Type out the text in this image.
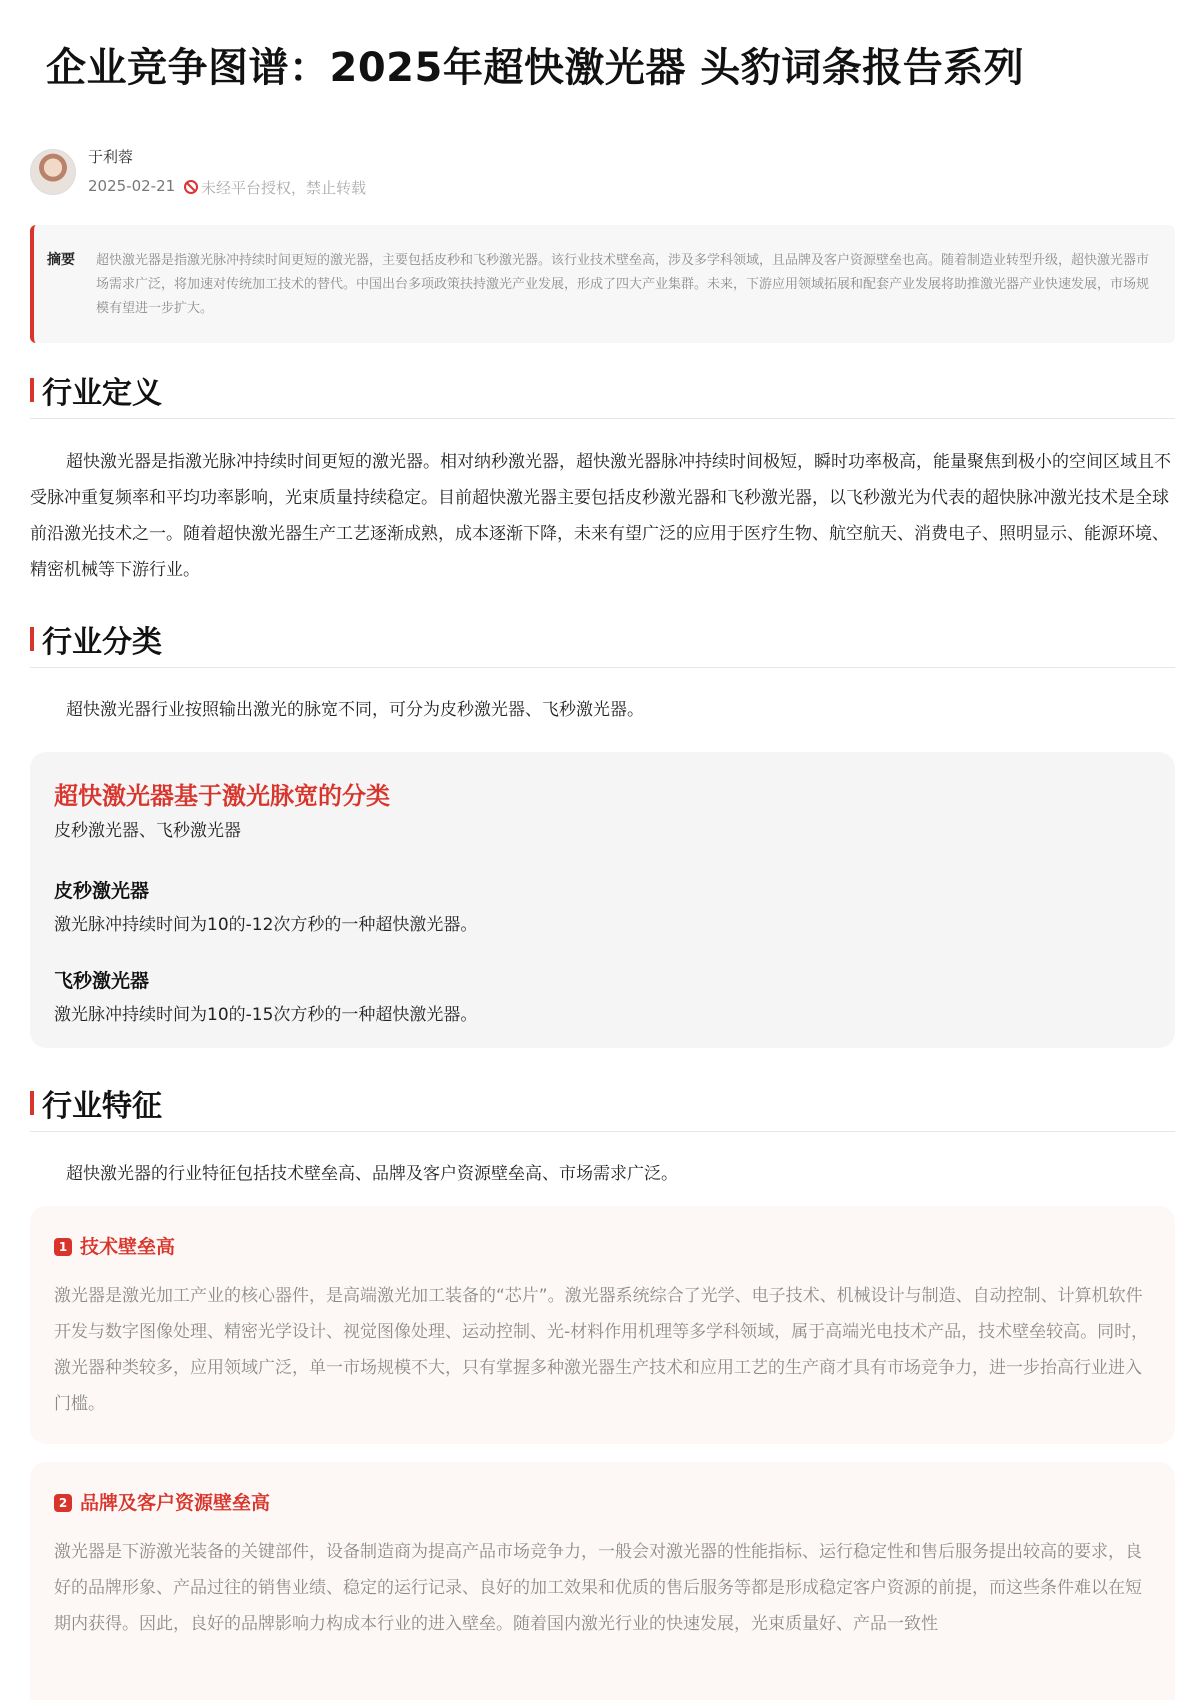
企业竞争图谱：2025年超快激光器 头豹词条报告系列
于利蓉
2025-02-21	未经平台授权，禁止转载
摘要 超快激光器是指激光脉冲持续时间更短的激光器，主要包括皮秒和飞秒激光器。该行业技术壁垒高，涉及多学科领域，且品牌及客户资源壁垒也高。随着制造业转型升级，超快激光器市场需求广泛，将加速对传统加工技术的替代。中国出台多项政策扶持激光产业发展，形成了四大产业集群。未来，下游应用领域拓展和配套产业发展将助推激光器产业快速发展，市场规模有望进一步扩大。

行业定义

超快激光器是指激光脉冲持续时间更短的激光器。相对纳秒激光器，超快激光器脉冲持续时间极短，瞬时功率极高，能量聚焦到极小的空间区域且不受脉冲重复频率和平均功率影响，光束质量持续稳定。目前超快激光器主要包括皮秒激光器和飞秒激光器，以飞秒激光为代表的超快脉冲激光技术是全球前沿激光技术之一。随着超快激光器生产工艺逐渐成熟，成本逐渐下降，未来有望广泛的应用于医疗生物、航空航天、消费电子、照明显示、能源环境、精密机械等下游行业。

行业分类

超快激光器行业按照输出激光的脉宽不同，可分为皮秒激光器、飞秒激光器。

超快激光器基于激光脉宽的分类
皮秒激光器、飞秒激光器
皮秒激光器
激光脉冲持续时间为10的-12次方秒的一种超快激光器。
飞秒激光器
激光脉冲持续时间为10的-15次方秒的一种超快激光器。
行业特征

超快激光器的行业特征包括技术壁垒高、品牌及客户资源壁垒高、市场需求广泛。

1 技术壁垒高

激光器是激光加工产业的核心器件，是高端激光加工装备的“芯片”。激光器系统综合了光学、电子技术、机械设计与制造、自动控制、计算机软件开发与数字图像处理、精密光学设计、视觉图像处理、运动控制、光-材料作用机理等多学科领域，属于高端光电技术产品，技术壁垒较高。同时，激光器种类较多，应用领域广泛，单一市场规模不大，只有掌握多种激光器生产技术和应用工艺的生产商才具有市场竞争力，进一步抬高行业进入门槛。

2 品牌及客户资源壁垒高

激光器是下游激光装备的关键部件，设备制造商为提高产品市场竞争力，一般会对激光器的性能指标、运行稳定性和售后服务提出较高的要求，良好的品牌形象、产品过往的销售业绩、稳定的运行记录、良好的加工效果和优质的售后服务等都是形成稳定客户资源的前提，而这些条件难以在短期内获得。因此，良好的品牌影响力构成本行业的进入壁垒。随着国内激光行业的快速发展，光束质量好、产品一致性
